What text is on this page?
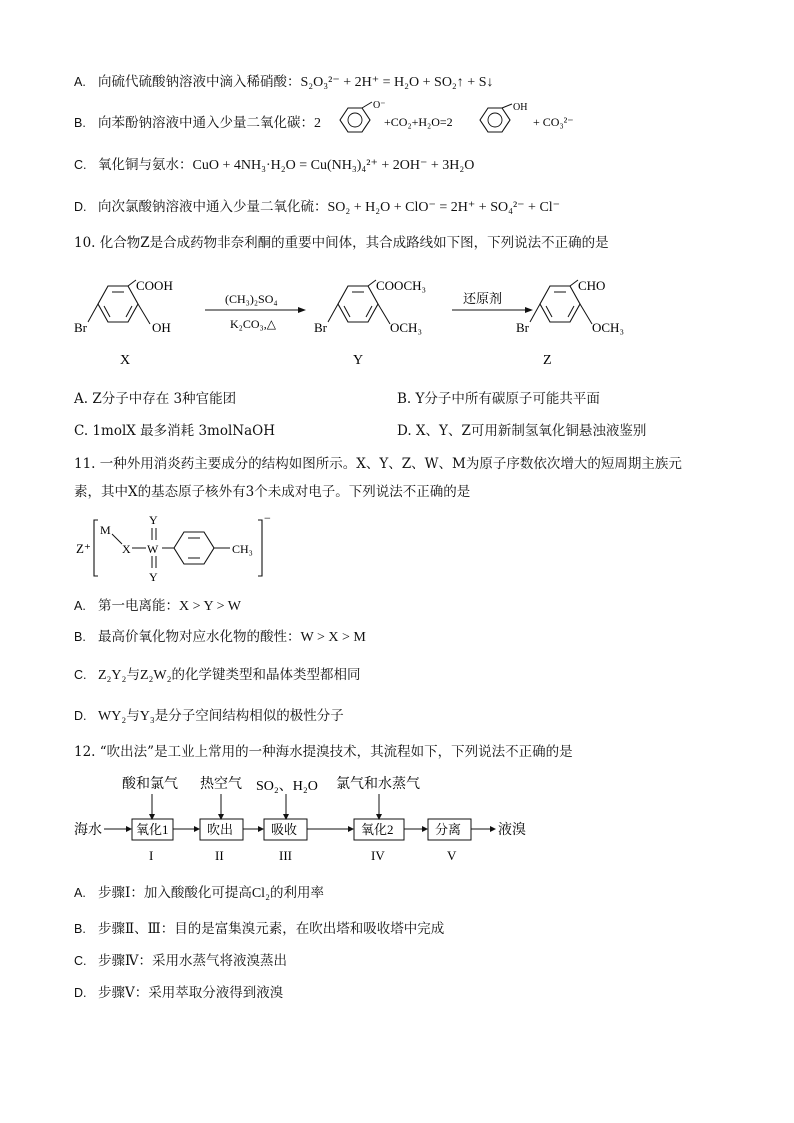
A. 向硫代硫酸钠溶液中滴入稀硝酸：S₂O₃²⁻ + 2H⁺ = H₂O + SO₂↑ + S↓
B. 向苯酚钠溶液中通入少量二氧化碳：2
O⁻
+CO₂+H₂O=2
OH
+ CO₃²⁻
C. 氧化铜与氨水：CuO + 4NH₃·H₂O = Cu(NH₃)₄²⁺ + 2OH⁻ + 3H₂O
D. 向次氯酸钠溶液中通入少量二氧化硫：SO₂ + H₂O + ClO⁻ = 2H⁺ + SO₄²⁻ + Cl⁻
10. 化合物Z是合成药物非奈利酮的重要中间体，其合成路线如下图，下列说法不正确的是
COOH
OH
Br
X
(CH₃)₂SO₄
K₂CO₃,△
COOCH₃
OCH₃
Br
Y
还原剂
CHO
OCH₃
Br
Z
A. Z分子中存在 3种官能团	B. Y分子中所有碳原子可能共平面
C. 1molX 最多消耗 3molNaOH	D. X、Y、Z可用新制氢氧化铜悬浊液鉴别
11. 一种外用消炎药主要成分的结构如图所示。X、Y、Z、W、M为原子序数依次增大的短周期主族元
素，其中X的基态原子核外有3个未成对电子。下列说法不正确的是
Z⁺
M
X W
Y
Y
CH₃
−
A. 第一电离能：X > Y > W
B. 最高价氧化物对应水化物的酸性：W > X > M
C. Z₂Y₂与Z₂W₂的化学键类型和晶体类型都相同
D. WY₂与Y₃是分子空间结构相似的极性分子
12. “吹出法”是工业上常用的一种海水提溴技术，其流程如下，下列说法不正确的是
酸和氯气 热空气 SO₂、H₂O 氯气和水蒸气
海水	氧化1	吹出	吸收	氧化2	分离	液溴
I	II	III	IV	V
A. 步骤Ⅰ：加入酸酸化可提高Cl₂的利用率
B. 步骤Ⅱ、Ⅲ：目的是富集溴元素，在吹出塔和吸收塔中完成
C. 步骤Ⅳ：采用水蒸气将液溴蒸出
D. 步骤Ⅴ：采用萃取分液得到液溴
